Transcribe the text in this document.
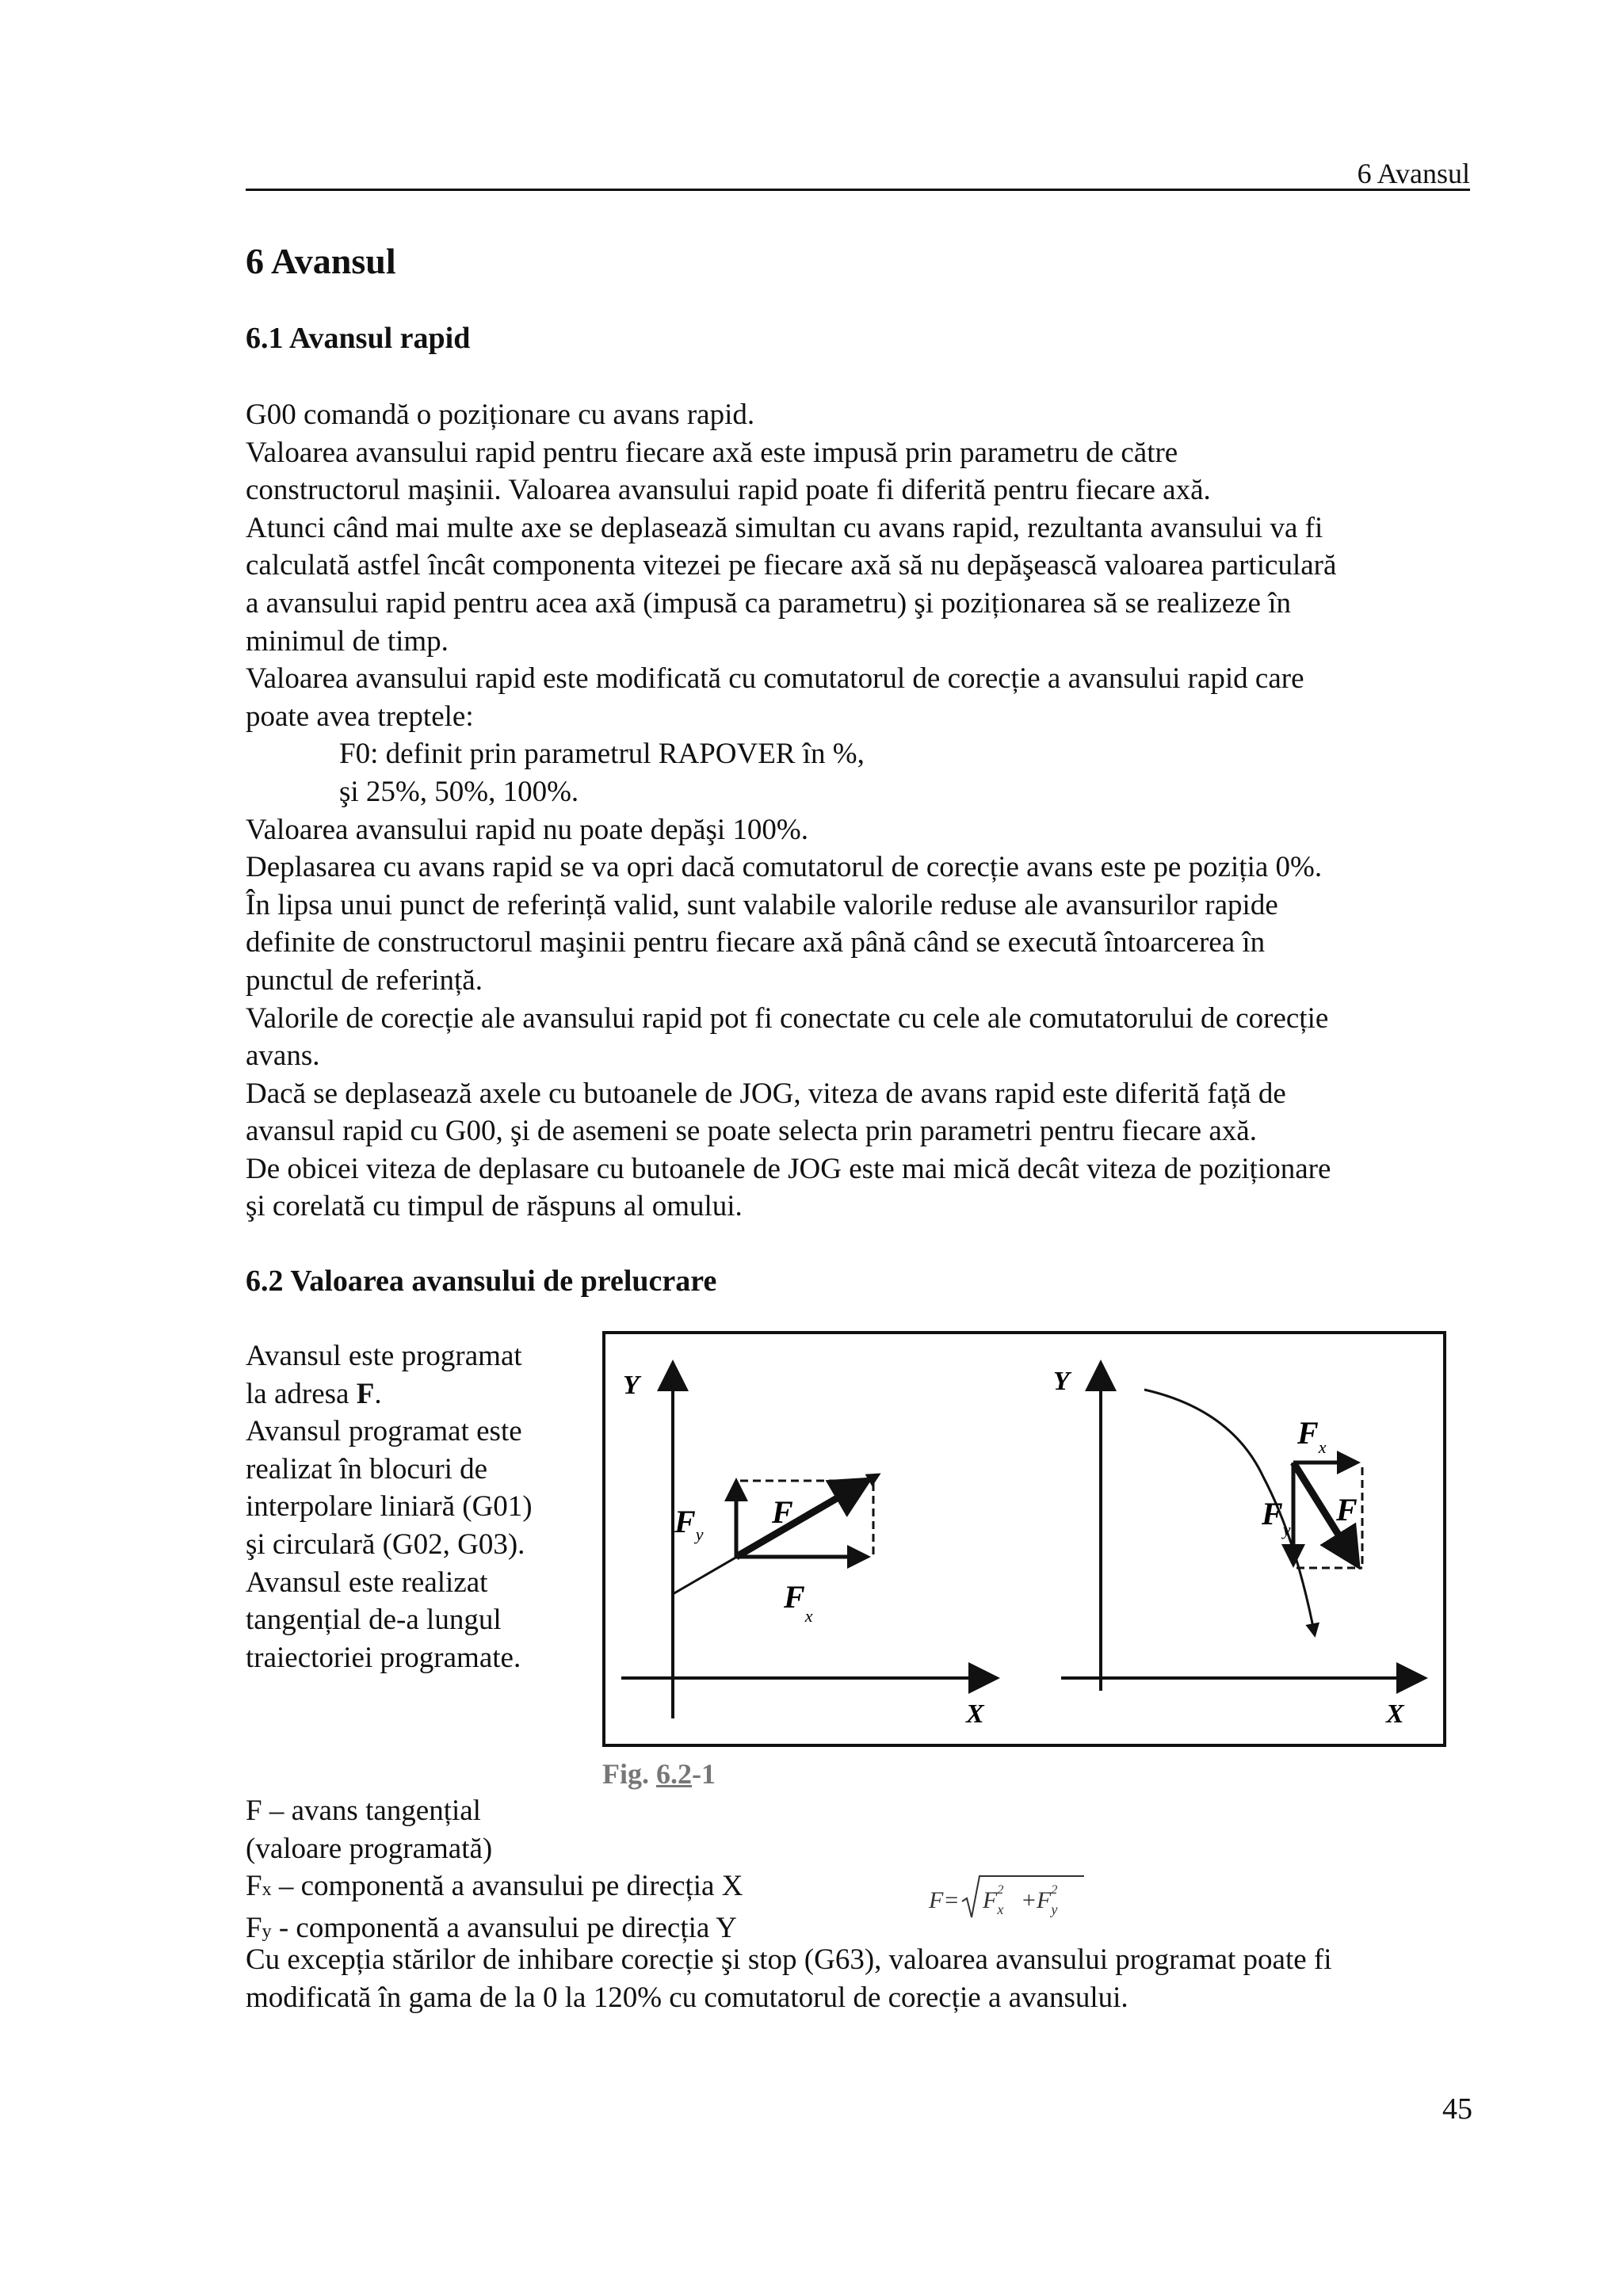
6 Avansul
6 Avansul
6.1 Avansul rapid
G00 comandă o poziționare cu avans rapid.
Valoarea avansului rapid pentru fiecare axă este impusă prin parametru de către
constructorul maşinii. Valoarea avansului rapid poate fi diferită pentru fiecare axă.
Atunci când mai multe axe se deplasează simultan cu avans rapid, rezultanta avansului va fi
calculată astfel încât componenta vitezei pe fiecare axă să nu depăşească valoarea particulară
a avansului rapid pentru acea axă (impusă ca parametru) şi poziționarea să se realizeze în
minimul de timp.
Valoarea avansului rapid este modificată cu comutatorul de corecție a avansului rapid care
poate avea treptele:
F0: definit prin parametrul RAPOVER în %,
şi 25%, 50%, 100%.
Valoarea avansului rapid nu poate depăşi 100%.
Deplasarea cu avans rapid se va opri dacă comutatorul de corecție avans este pe poziția 0%.
În lipsa unui punct de referință valid, sunt valabile valorile reduse ale avansurilor rapide
definite de constructorul maşinii pentru fiecare axă până când se execută întoarcerea în
punctul de referință.
Valorile de corecție ale avansului rapid pot fi conectate cu cele ale comutatorului de corecție
avans.
Dacă se deplasează axele cu butoanele de JOG, viteza de avans rapid este diferită față de
avansul rapid cu G00, şi de asemeni se poate selecta prin parametri pentru fiecare axă.
De obicei viteza de deplasare cu butoanele de JOG este mai mică decât viteza de poziționare
şi corelată cu timpul de răspuns al omului.
6.2 Valoarea avansului de prelucrare
Avansul este programat
la adresa F.
Avansul programat este
realizat în blocuri de
interpolare liniară (G01)
şi circulară (G02, G03).
Avansul este realizat
tangențial de-a lungul
traiectoriei programate.
Y
X
F
$F_y$
$F_x$
Y
X
$F_x$
$F_y$
F
Fig. 6.2-1
F – avans tangențial
(valoare programată)
Fx – componentă a avansului pe direcția X
Fy - componentă a avansului pe direcția Y
$F= F_x2 + F_y2$
Cu excepția stărilor de inhibare corecție şi stop (G63), valoarea avansului programat poate fi
modificată în gama de la 0 la 120% cu comutatorul de corecție a avansului.
45
